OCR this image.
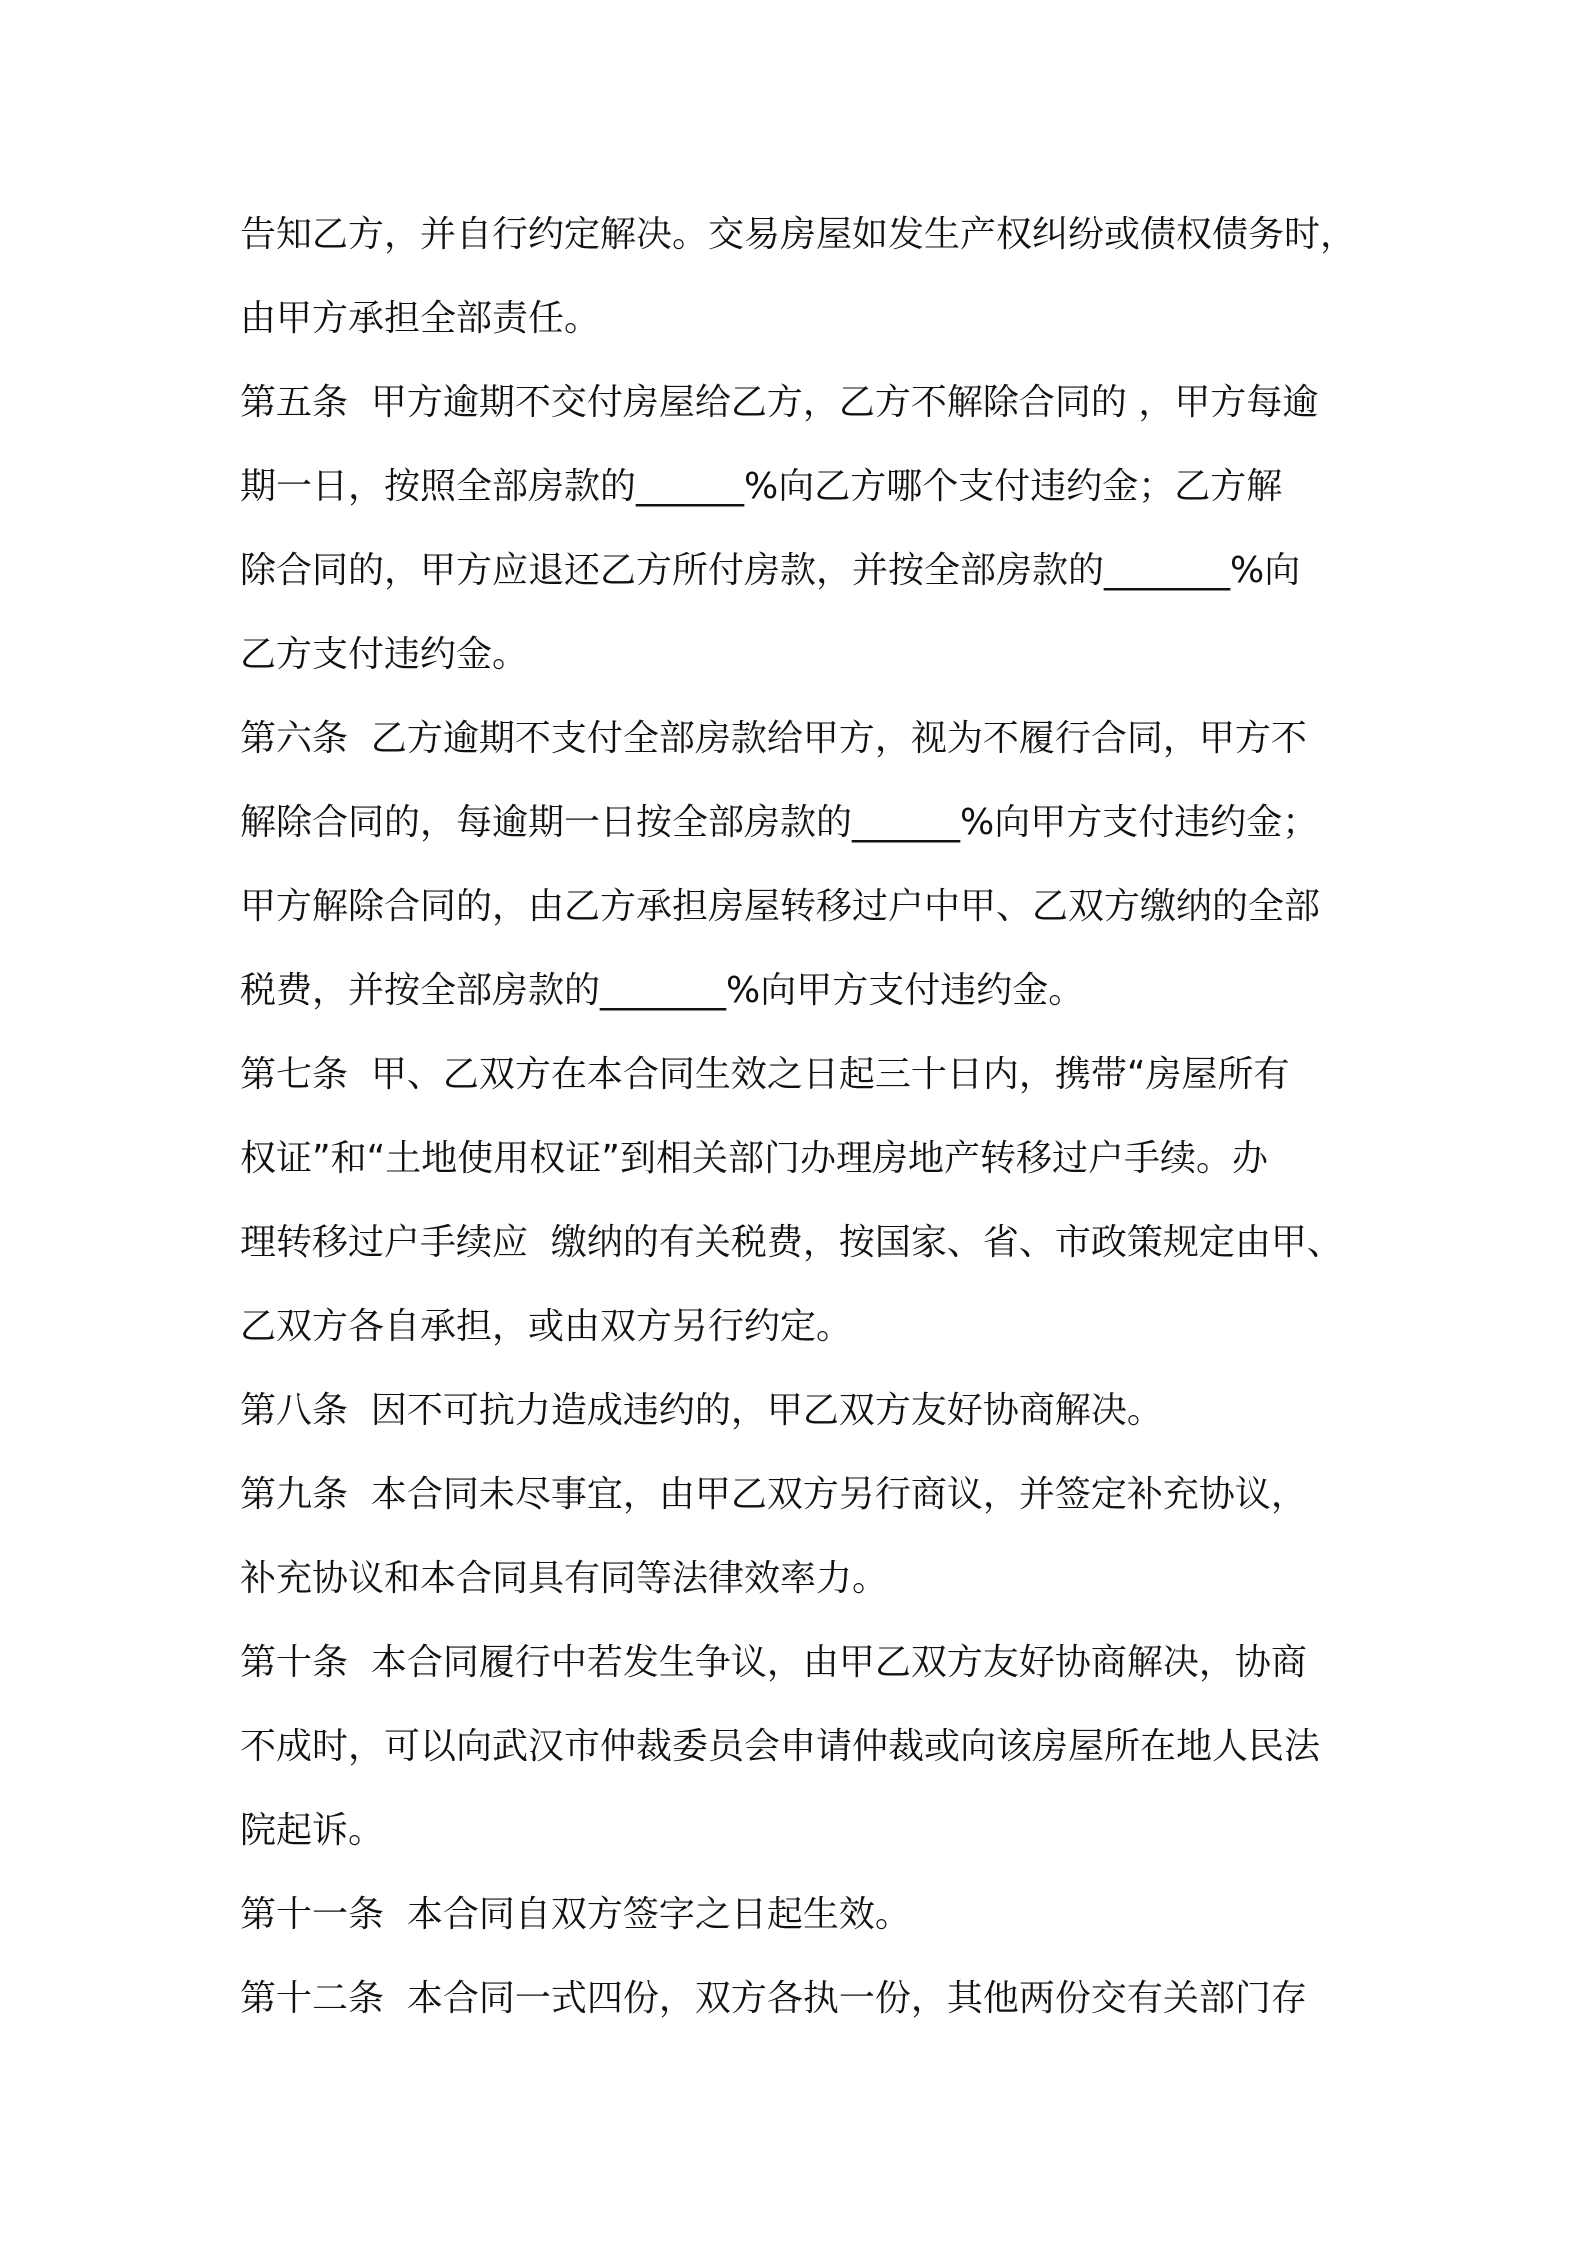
告知乙方，并自行约定解决。交易房屋如发生产权纠纷或债权债务时，
由甲方承担全部责任。
第五条  甲方逾期不交付房屋给乙方，乙方不解除合同的 ，甲方每逾
期一日，按照全部房款的______%向乙方哪个支付违约金；乙方解
除合同的，甲方应退还乙方所付房款，并按全部房款的_______%向
乙方支付违约金。
第六条  乙方逾期不支付全部房款给甲方，视为不履行合同，甲方不
解除合同的，每逾期一日按全部房款的______%向甲方支付违约金；
甲方解除合同的，由乙方承担房屋转移过户中甲、乙双方缴纳的全部
税费，并按全部房款的_______%向甲方支付违约金。
第七条  甲、乙双方在本合同生效之日起三十日内，携带“房屋所有
权证”和“土地使用权证”到相关部门办理房地产转移过户手续。办
理转移过户手续应  缴纳的有关税费，按国家、省、市政策规定由甲、
乙双方各自承担，或由双方另行约定。
第八条  因不可抗力造成违约的，甲乙双方友好协商解决。
第九条  本合同未尽事宜，由甲乙双方另行商议，并签定补充协议，
补充协议和本合同具有同等法律效率力。
第十条  本合同履行中若发生争议，由甲乙双方友好协商解决，协商
不成时，可以向武汉市仲裁委员会申请仲裁或向该房屋所在地人民法
院起诉。
第十一条  本合同自双方签字之日起生效。
第十二条  本合同一式四份，双方各执一份，其他两份交有关部门存
